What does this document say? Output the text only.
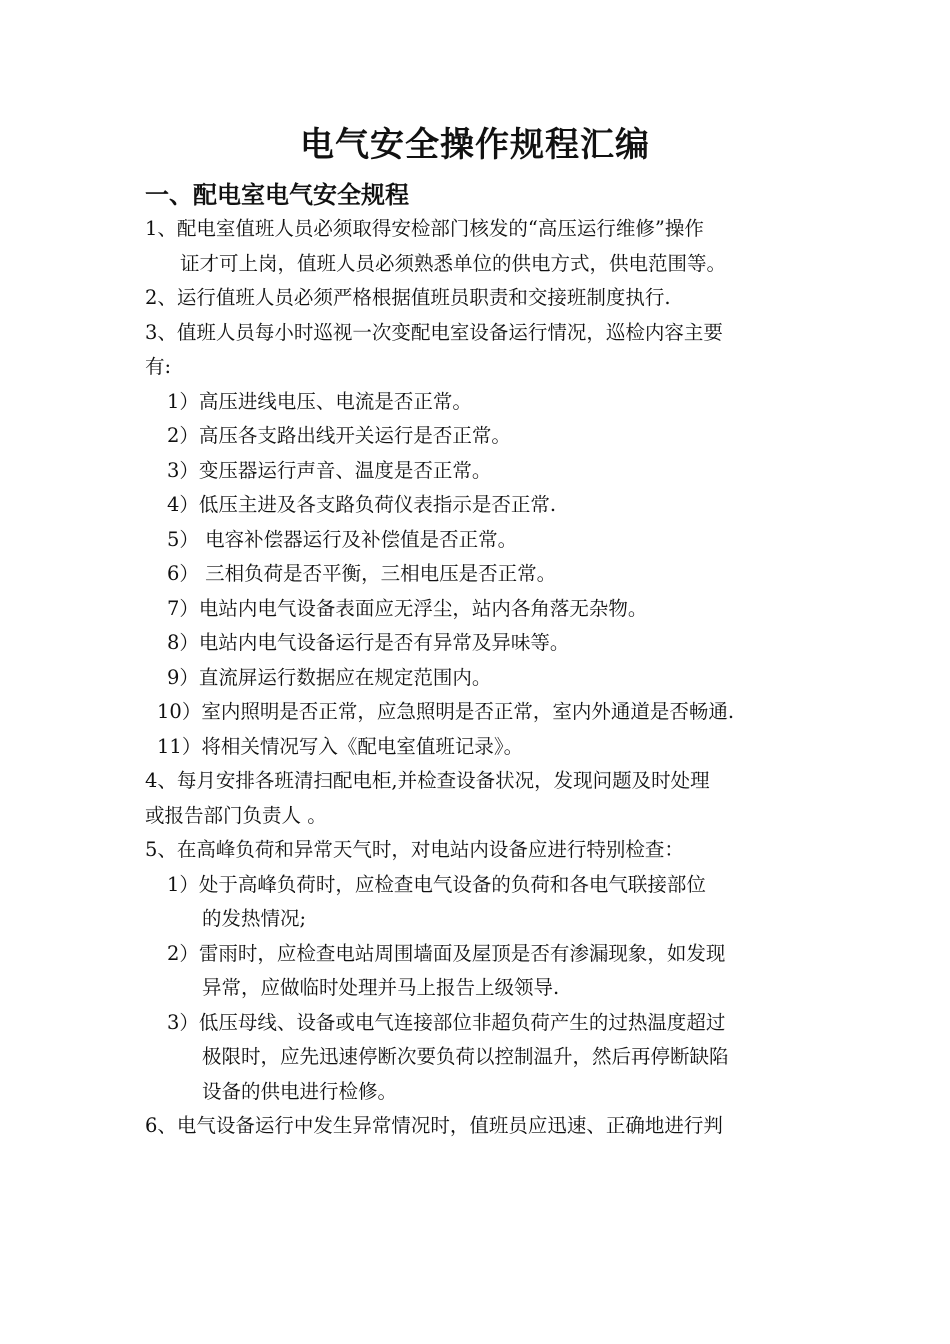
电气安全操作规程汇编
一、配电室电气安全规程
1、配电室值班人员必须取得安检部门核发的“高压运行维修”操作
证才可上岗，值班人员必须熟悉单位的供电方式，供电范围等。
2、运行值班人员必须严格根据值班员职责和交接班制度执行.
3、值班人员每小时巡视一次变配电室设备运行情况，巡检内容主要
有:
1）高压进线电压、电流是否正常。
2）高压各支路出线开关运行是否正常。
3）变压器运行声音、温度是否正常。
4）低压主进及各支路负荷仪表指示是否正常.
5） 电容补偿器运行及补偿值是否正常。
6） 三相负荷是否平衡，三相电压是否正常。
7）电站内电气设备表面应无浮尘，站内各角落无杂物。
8）电站内电气设备运行是否有异常及异味等。
9）直流屏运行数据应在规定范围内。
10）室内照明是否正常，应急照明是否正常，室内外通道是否畅通.
11）将相关情况写入《配电室值班记录》。
4、每月安排各班清扫配电柜,并检查设备状况，发现问题及时处理
或报告部门负责人 。
5、在高峰负荷和异常天气时，对电站内设备应进行特别检查：
1）处于高峰负荷时，应检查电气设备的负荷和各电气联接部位
的发热情况;
2）雷雨时，应检查电站周围墙面及屋顶是否有渗漏现象，如发现
异常，应做临时处理并马上报告上级领导.
3）低压母线、设备或电气连接部位非超负荷产生的过热温度超过
极限时，应先迅速停断次要负荷以控制温升，然后再停断缺陷
设备的供电进行检修。
6、电气设备运行中发生异常情况时，值班员应迅速、正确地进行判
